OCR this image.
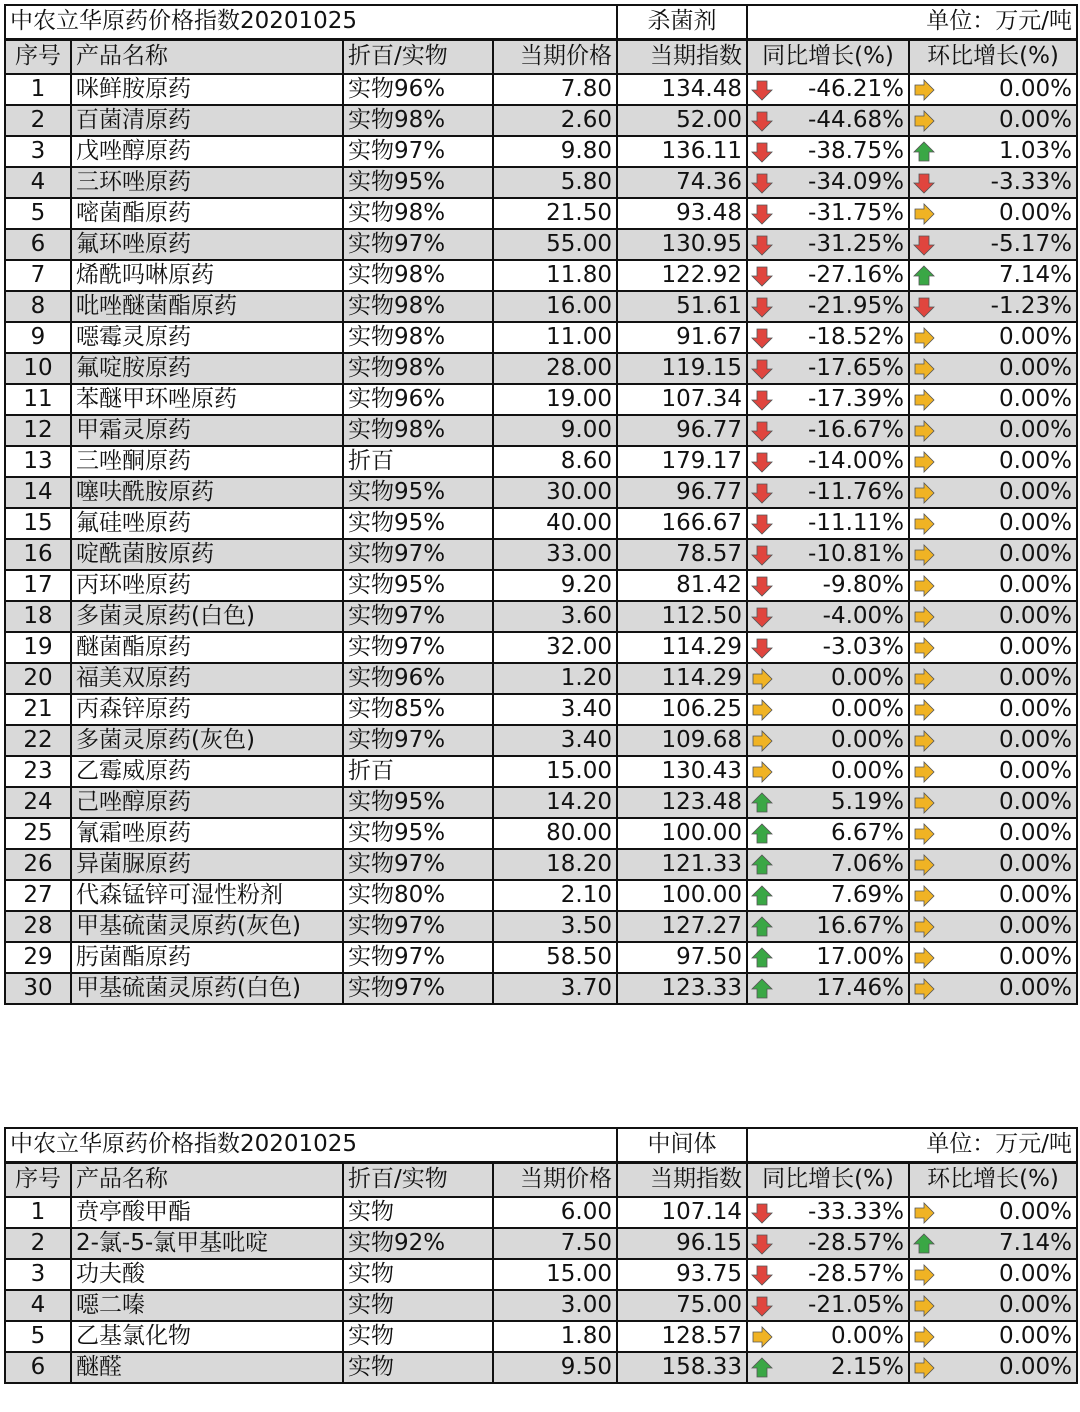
中农立华原药价格指数20201025				杀菌剂	单位：万元/吨	
序号	产品名称	折百/实物	当期价格	当期指数	同比增长(%)	环比增长(%)
1	咪鲜胺原药	实物96%	7.80	134.48	-46.21%	0.00%
2	百菌清原药	实物98%	2.60	52.00	-44.68%	0.00%
3	戊唑醇原药	实物97%	9.80	136.11	-38.75%	1.03%
4	三环唑原药	实物95%	5.80	74.36	-34.09%	-3.33%
5	嘧菌酯原药	实物98%	21.50	93.48	-31.75%	0.00%
6	氟环唑原药	实物97%	55.00	130.95	-31.25%	-5.17%
7	烯酰吗啉原药	实物98%	11.80	122.92	-27.16%	7.14%
8	吡唑醚菌酯原药	实物98%	16.00	51.61	-21.95%	-1.23%
9	噁霉灵原药	实物98%	11.00	91.67	-18.52%	0.00%
10	氟啶胺原药	实物98%	28.00	119.15	-17.65%	0.00%
11	苯醚甲环唑原药	实物96%	19.00	107.34	-17.39%	0.00%
12	甲霜灵原药	实物98%	9.00	96.77	-16.67%	0.00%
13	三唑酮原药	折百	8.60	179.17	-14.00%	0.00%
14	噻呋酰胺原药	实物95%	30.00	96.77	-11.76%	0.00%
15	氟硅唑原药	实物95%	40.00	166.67	-11.11%	0.00%
16	啶酰菌胺原药	实物97%	33.00	78.57	-10.81%	0.00%
17	丙环唑原药	实物95%	9.20	81.42	-9.80%	0.00%
18	多菌灵原药(白色)	实物97%	3.60	112.50	-4.00%	0.00%
19	醚菌酯原药	实物97%	32.00	114.29	-3.03%	0.00%
20	福美双原药	实物96%	1.20	114.29	0.00%	0.00%
21	丙森锌原药	实物85%	3.40	106.25	0.00%	0.00%
22	多菌灵原药(灰色)	实物97%	3.40	109.68	0.00%	0.00%
23	乙霉威原药	折百	15.00	130.43	0.00%	0.00%
24	己唑醇原药	实物95%	14.20	123.48	5.19%	0.00%
25	氰霜唑原药	实物95%	80.00	100.00	6.67%	0.00%
26	异菌脲原药	实物97%	18.20	121.33	7.06%	0.00%
27	代森锰锌可湿性粉剂	实物80%	2.10	100.00	7.69%	0.00%
28	甲基硫菌灵原药(灰色)	实物97%	3.50	127.27	16.67%	0.00%
29	肟菌酯原药	实物97%	58.50	97.50	17.00%	0.00%
30	甲基硫菌灵原药(白色)	实物97%	3.70	123.33	17.46%	0.00%
中农立华原药价格指数20201025				中间体	单位：万元/吨	
序号	产品名称	折百/实物	当期价格	当期指数	同比增长(%)	环比增长(%)
1	贲亭酸甲酯	实物	6.00	107.14	-33.33%	0.00%
2	2-氯-5-氯甲基吡啶	实物92%	7.50	96.15	-28.57%	7.14%
3	功夫酸	实物	15.00	93.75	-28.57%	0.00%
4	噁二嗪	实物	3.00	75.00	-21.05%	0.00%
5	乙基氯化物	实物	1.80	128.57	0.00%	0.00%
6	醚醛	实物	9.50	158.33	2.15%	0.00%
